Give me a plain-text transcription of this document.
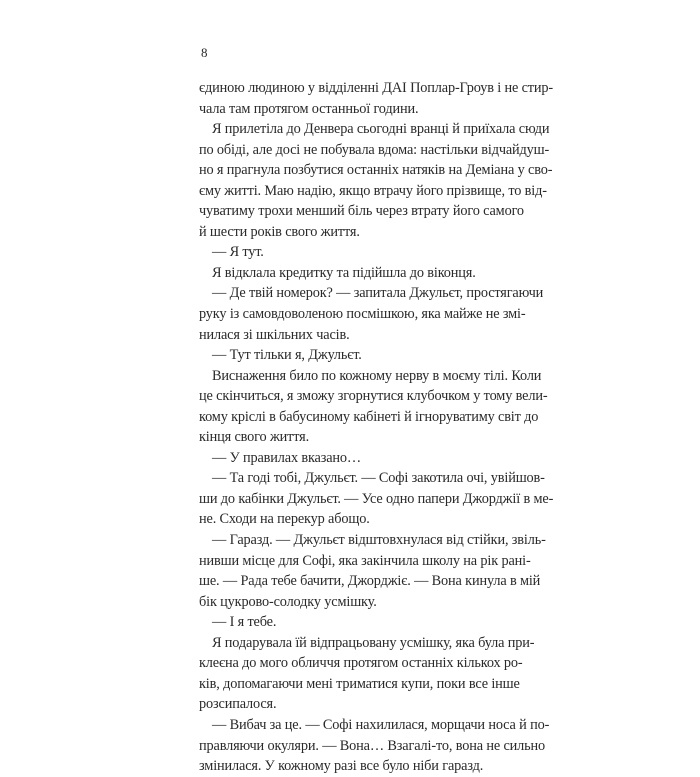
8
єдиною людиною у відділенні ДАІ Поплар-Гроув і не стир-
чала там протягом останньої години.
Я прилетіла до Денвера сьогодні вранці й приїхала сюди
по обіді, але досі не побувала вдома: настільки відчайдуш-
но я прагнула позбутися останніх натяків на Деміана у сво-
єму житті. Маю надію, якщо втрачу його прізвище, то від-
чуватиму трохи менший біль через втрату його самого
й шести років свого життя.
— Я тут.
Я відклала кредитку та підійшла до віконця.
— Де твій номерок? — запитала Джульєт, простягаючи
руку із самовдоволеною посмішкою, яка майже не змі-
нилася зі шкільних часів.
— Тут тільки я, Джульєт.
Виснаження било по кожному нерву в моєму тілі. Коли
це скінчиться, я зможу згорнутися клубочком у тому вели-
кому кріслі в бабусиному кабінеті й ігноруватиму світ до
кінця свого життя.
— У правилах вказано…
— Та годі тобі, Джульєт. — Софі закотила очі, увійшов-
ши до кабінки Джульєт. — Усе одно папери Джорджії в ме-
не. Сходи на перекур абощо.
— Гаразд. — Джульєт відштовхнулася від стійки, звіль-
нивши місце для Софі, яка закінчила школу на рік рані-
ше. — Рада тебе бачити, Джорджіє. — Вона кинула в мій
бік цукрово-солодку усмішку.
— І я тебе.
Я подарувала їй відпрацьовану усмішку, яка була при-
клеєна до мого обличчя протягом останніх кількох ро-
ків, допомагаючи мені триматися купи, поки все інше
розсипалося.
— Вибач за це. — Софі нахилилася, морщачи носа й по-
правляючи окуляри. — Вона… Взагалі-то, вона не сильно
змінилася. У кожному разі все було ніби гаразд.
